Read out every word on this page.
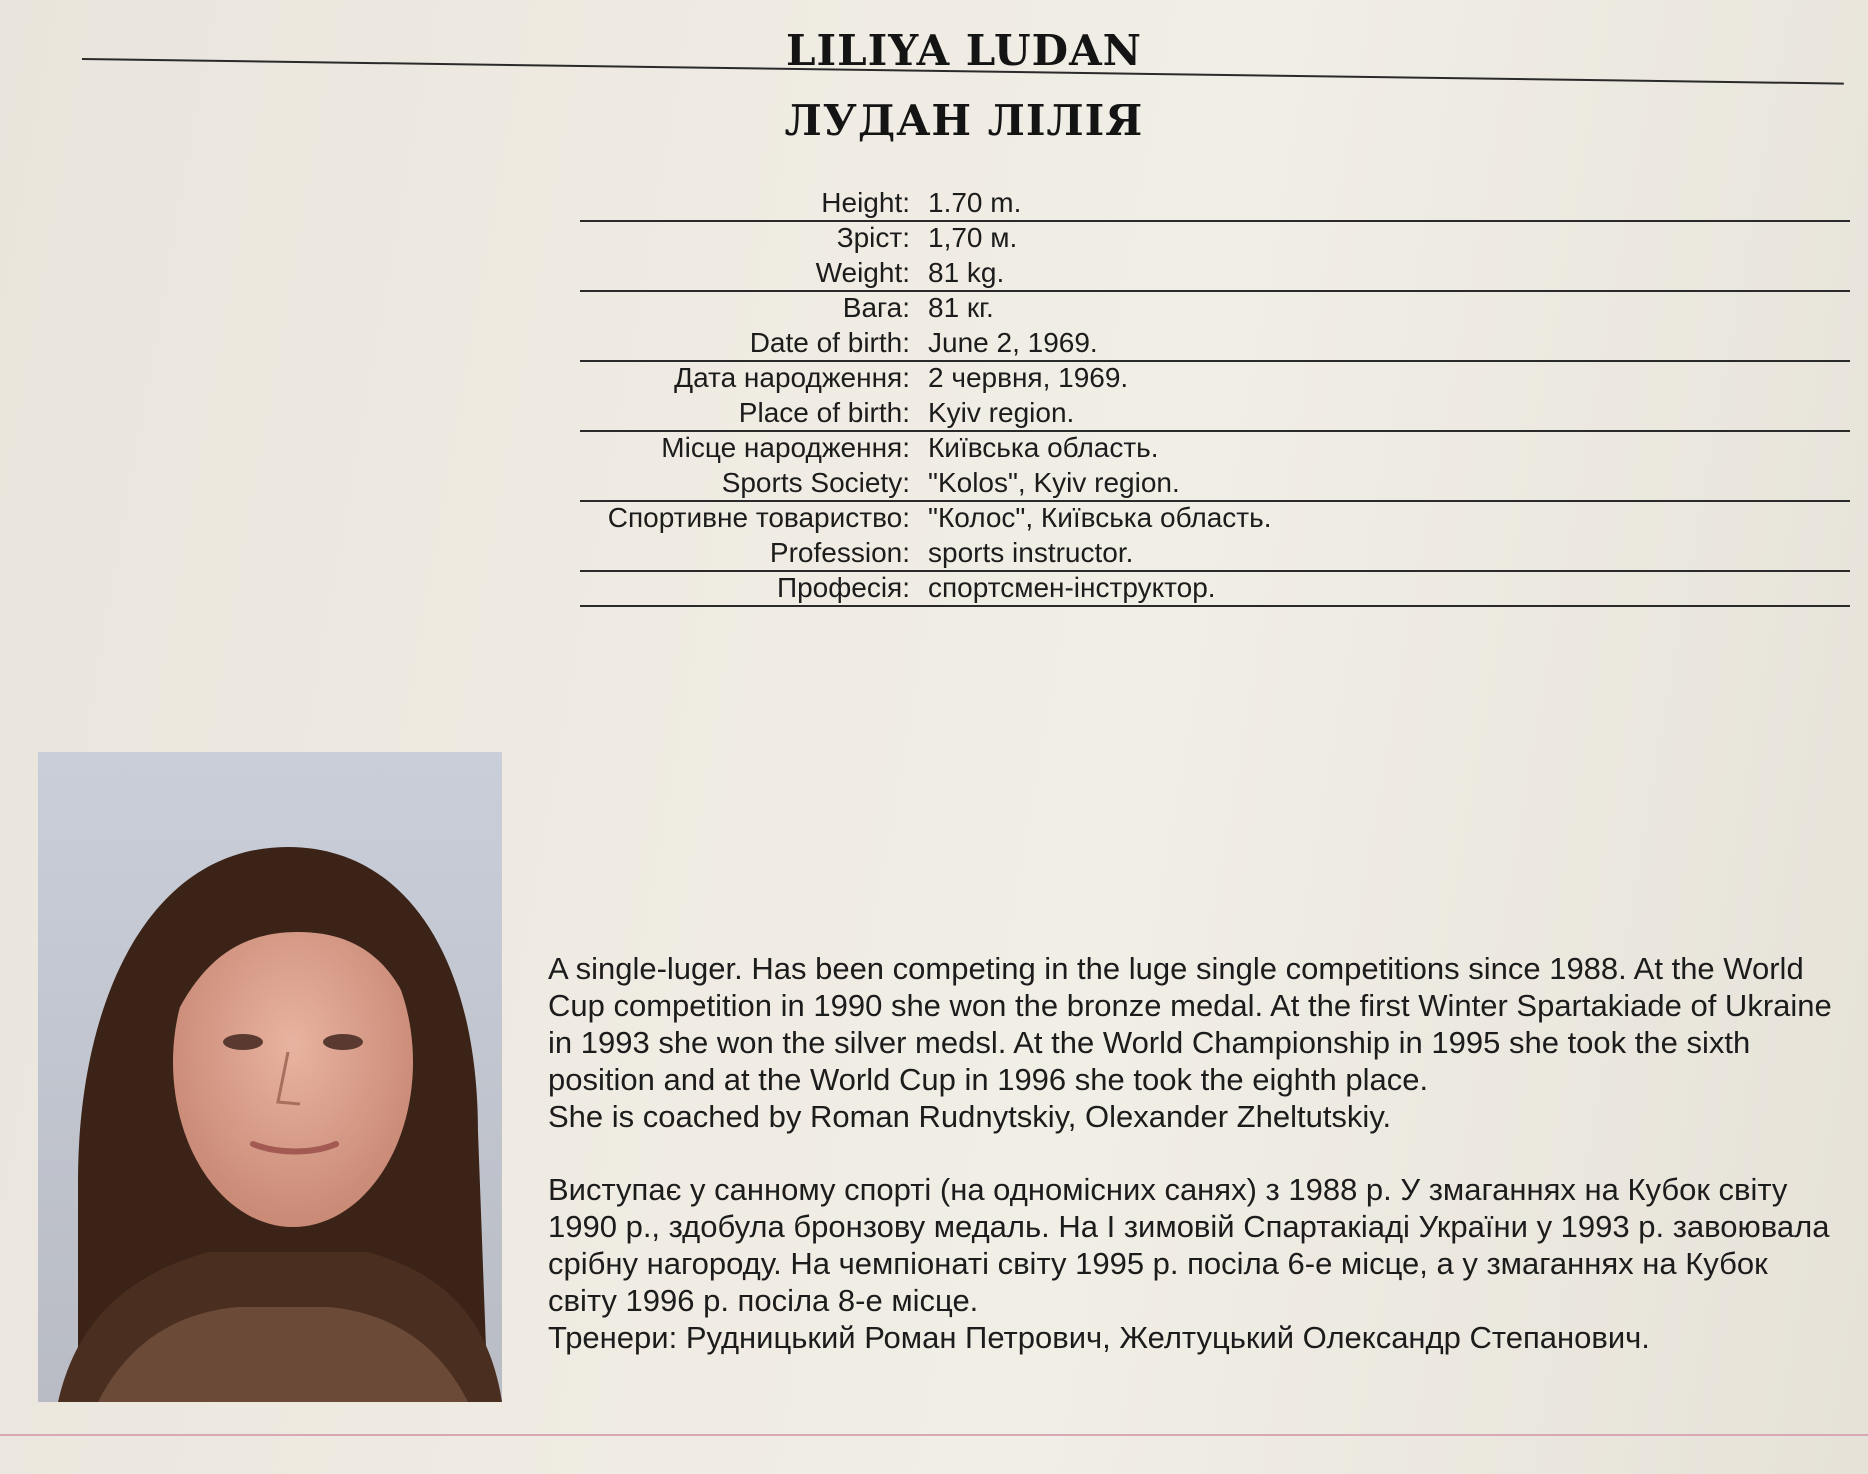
LILIYA LUDAN
ЛУДАН ЛІЛІЯ
Height: 1.70 m.
Зріст: 1,70 м.
Weight: 81 kg.
Вага: 81 кг.
Date of birth: June 2, 1969.
Дата народження: 2 червня, 1969.
Place of birth: Kyiv region.
Місце народження: Київська область.
Sports Society: "Kolos", Kyiv region.
Спортивне товариство: "Колос", Київська область.
Profession: sports instructor.
Професія: спортсмен-інструктор.

A single-luger. Has been competing in the luge single competitions since 1988. At the World Cup competition in 1990 she won the bronze medal. At the first Winter Spartakiade of Ukraine in 1993 she won the silver medsl. At the World Championship in 1995 she took the sixth position and at the World Cup in 1996 she took the eighth place.

She is coached by Roman Rudnytskiy, Olexander Zheltutskiy.

Виступає у санному спорті (на одномісних санях) з 1988 р. У змаганнях на Кубок світу 1990 р., здобула бронзову медаль. На І зимовій Спартакіаді України у 1993 р. завоювала срібну нагороду. На чемпіонаті світу 1995 р. посіла 6-е місце, а у змаганнях на Кубок світу 1996 р. посіла 8-е місце.

Тренери: Рудницький Роман Петрович, Желтуцький Олександр Степанович.
